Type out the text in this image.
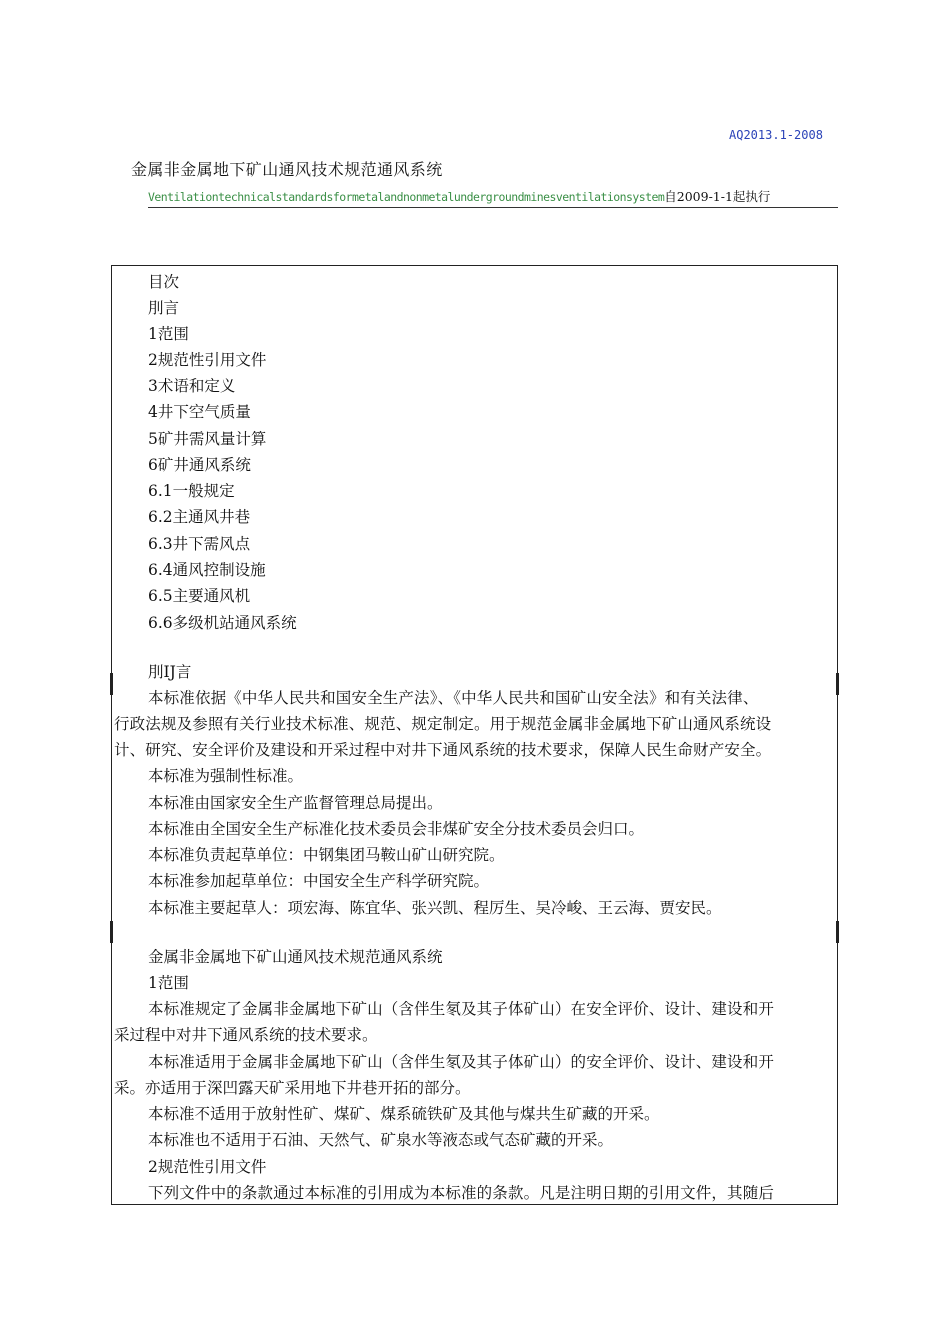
AQ2013.1-2008
金属非金属地下矿山通风技术规范通风系统
Ventilationtechnicalstandardsformetalandnonmetalundergroundminesventilationsystem自2009-1-1起执行
目次
刖言
1范围
2规范性引用文件
3术语和定义
4井下空气质量
5矿井需风量计算
6矿井通风系统
6.1一般规定
6.2主通风井巷
6.3井下需风点
6.4通风控制设施
6.5主要通风机
6.6多级机站通风系统
刖IJ言
本标准依据《中华人民共和国安全生产法》、《中华人民共和国矿山安全法》和有关法律、
行政法规及参照有关行业技术标准、规范、规定制定。用于规范金属非金属地下矿山通风系统设
计、研究、安全评价及建设和开采过程中对井下通风系统的技术要求，保障人民生命财产安全。
本标准为强制性标准。
本标准由国家安全生产监督管理总局提出。
本标准由全国安全生产标准化技术委员会非煤矿安全分技术委员会归口。
本标准负责起草单位：中钢集团马鞍山矿山研究院。
本标准参加起草单位：中国安全生产科学研究院。
本标准主要起草人：项宏海、陈宜华、张兴凯、程厉生、吴冷峻、王云海、贾安民。
金属非金属地下矿山通风技术规范通风系统
1范围
本标准规定了金属非金属地下矿山（含伴生氡及其子体矿山）在安全评价、设计、建设和开
采过程中对井下通风系统的技术要求。
本标准适用于金属非金属地下矿山（含伴生氡及其子体矿山）的安全评价、设计、建设和开
采。亦适用于深凹露天矿采用地下井巷开拓的部分。
本标准不适用于放射性矿、煤矿、煤系硫铁矿及其他与煤共生矿藏的开采。
本标准也不适用于石油、天然气、矿泉水等液态或气态矿藏的开采。
2规范性引用文件
下列文件中的条款通过本标准的引用成为本标准的条款。凡是注明日期的引用文件，其随后
